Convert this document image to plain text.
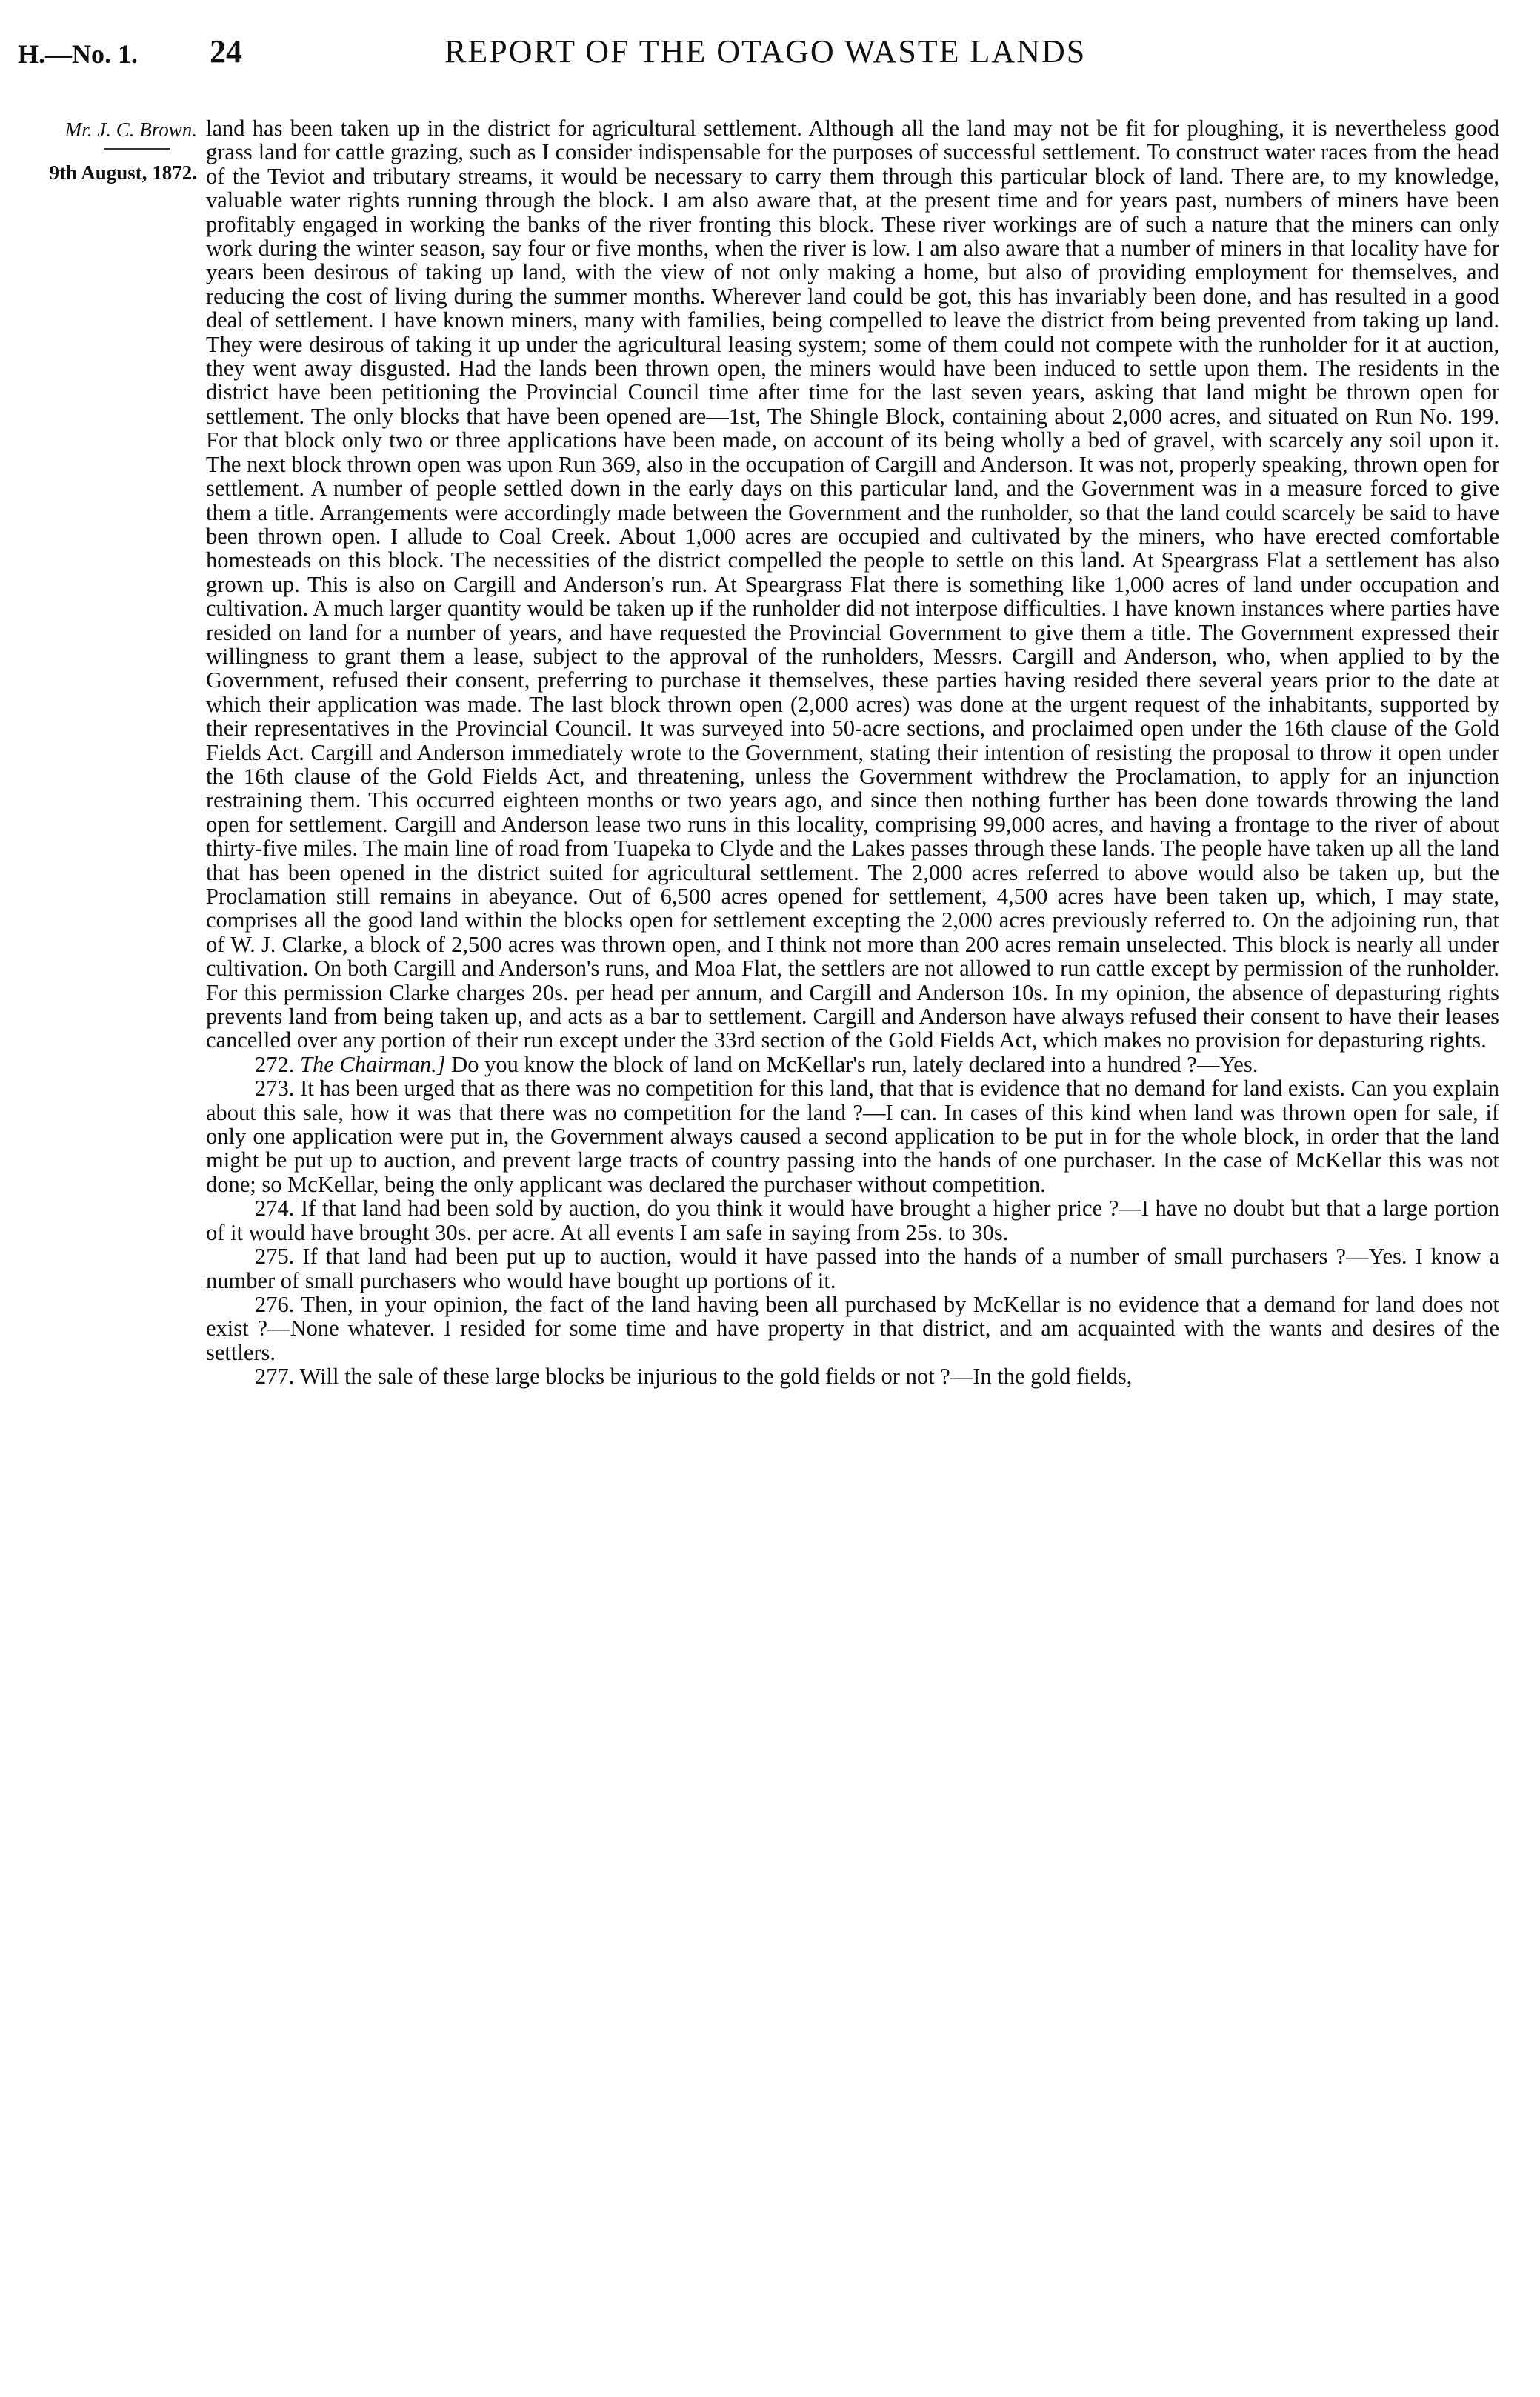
H.—No. 1. 24	REPORT OF THE OTAGO WASTE LANDS
Mr. J. C. Brown.
9th August, 1872.

land has been taken up in the district for agricultural settlement. Although all the land may not be fit for ploughing, it is nevertheless good grass land for cattle grazing, such as I consider indispensable for the purposes of successful settlement. To construct water races from the head of the Teviot and tributary streams, it would be necessary to carry them through this particular block of land. There are, to my knowledge, valuable water rights running through the block. I am also aware that, at the present time and for years past, numbers of miners have been profitably engaged in working the banks of the river fronting this block. These river workings are of such a nature that the miners can only work during the winter season, say four or five months, when the river is low. I am also aware that a number of miners in that locality have for years been desirous of taking up land, with the view of not only making a home, but also of providing employment for themselves, and reducing the cost of living during the summer months. Wherever land could be got, this has invariably been done, and has resulted in a good deal of settlement. I have known miners, many with families, being compelled to leave the district from being prevented from taking up land. They were desirous of taking it up under the agricultural leasing system; some of them could not compete with the runholder for it at auction, they went away disgusted. Had the lands been thrown open, the miners would have been induced to settle upon them. The residents in the district have been petitioning the Provincial Council time after time for the last seven years, asking that land might be thrown open for settlement. The only blocks that have been opened are—1st, The Shingle Block, containing about 2,000 acres, and situated on Run No. 199. For that block only two or three applications have been made, on account of its being wholly a bed of gravel, with scarcely any soil upon it. The next block thrown open was upon Run 369, also in the occupation of Cargill and Anderson. It was not, properly speaking, thrown open for settlement. A number of people settled down in the early days on this particular land, and the Government was in a measure forced to give them a title. Arrangements were accordingly made between the Government and the runholder, so that the land could scarcely be said to have been thrown open. I allude to Coal Creek. About 1,000 acres are occupied and cultivated by the miners, who have erected comfortable homesteads on this block. The necessities of the district compelled the people to settle on this land. At Speargrass Flat a settlement has also grown up. This is also on Cargill and Anderson's run. At Speargrass Flat there is something like 1,000 acres of land under occupation and cultivation. A much larger quantity would be taken up if the runholder did not interpose difficulties. I have known instances where parties have resided on land for a number of years, and have requested the Provincial Government to give them a title. The Government expressed their willingness to grant them a lease, subject to the approval of the runholders, Messrs. Cargill and Anderson, who, when applied to by the Government, refused their consent, preferring to purchase it themselves, these parties having resided there several years prior to the date at which their application was made. The last block thrown open (2,000 acres) was done at the urgent request of the inhabitants, supported by their representatives in the Provincial Council. It was surveyed into 50-acre sections, and proclaimed open under the 16th clause of the Gold Fields Act. Cargill and Anderson immediately wrote to the Government, stating their intention of resisting the proposal to throw it open under the 16th clause of the Gold Fields Act, and threatening, unless the Government withdrew the Proclamation, to apply for an injunction restraining them. This occurred eighteen months or two years ago, and since then nothing further has been done towards throwing the land open for settlement. Cargill and Anderson lease two runs in this locality, comprising 99,000 acres, and having a frontage to the river of about thirty-five miles. The main line of road from Tuapeka to Clyde and the Lakes passes through these lands. The people have taken up all the land that has been opened in the district suited for agricultural settlement. The 2,000 acres referred to above would also be taken up, but the Proclamation still remains in abeyance. Out of 6,500 acres opened for settlement, 4,500 acres have been taken up, which, I may state, comprises all the good land within the blocks open for settlement excepting the 2,000 acres previously referred to. On the adjoining run, that of W. J. Clarke, a block of 2,500 acres was thrown open, and I think not more than 200 acres remain unselected. This block is nearly all under cultivation. On both Cargill and Anderson's runs, and Moa Flat, the settlers are not allowed to run cattle except by permission of the runholder. For this permission Clarke charges 20s. per head per annum, and Cargill and Anderson 10s. In my opinion, the absence of depasturing rights prevents land from being taken up, and acts as a bar to settlement. Cargill and Anderson have always refused their consent to have their leases cancelled over any portion of their run except under the 33rd section of the Gold Fields Act, which makes no provision for depasturing rights.

272. The Chairman.] Do you know the block of land on McKellar's run, lately declared into a hundred ?—Yes.

273. It has been urged that as there was no competition for this land, that that is evidence that no demand for land exists. Can you explain about this sale, how it was that there was no competition for the land ?—I can. In cases of this kind when land was thrown open for sale, if only one application were put in, the Government always caused a second application to be put in for the whole block, in order that the land might be put up to auction, and prevent large tracts of country passing into the hands of one purchaser. In the case of McKellar this was not done; so McKellar, being the only applicant was declared the purchaser without competition.

274. If that land had been sold by auction, do you think it would have brought a higher price ?—I have no doubt but that a large portion of it would have brought 30s. per acre. At all events I am safe in saying from 25s. to 30s.

275. If that land had been put up to auction, would it have passed into the hands of a number of small purchasers ?—Yes. I know a number of small purchasers who would have bought up portions of it.

276. Then, in your opinion, the fact of the land having been all purchased by McKellar is no evidence that a demand for land does not exist ?—None whatever. I resided for some time and have property in that district, and am acquainted with the wants and desires of the settlers.

277. Will the sale of these large blocks be injurious to the gold fields or not ?—In the gold fields,
